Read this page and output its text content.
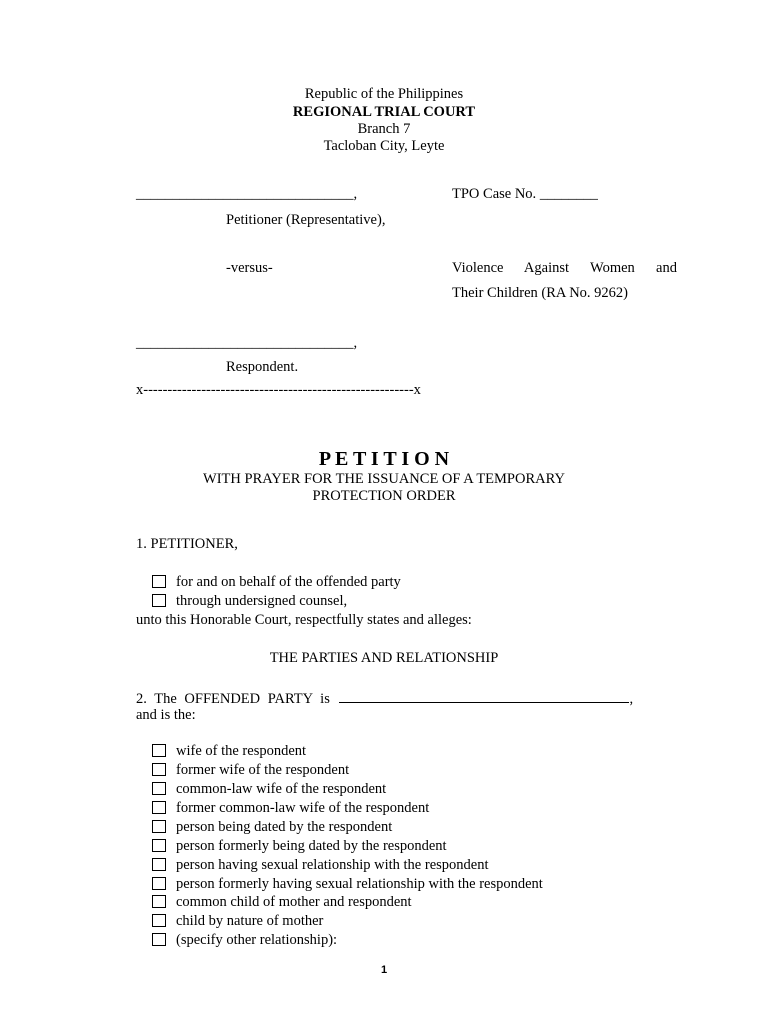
Republic of the Philippines
REGIONAL TRIAL COURT
Branch 7
Tacloban City, Leyte
______________________________,	TPO Case No. ________
Petitioner (Representative),
-versus-	Violence Against Women and
Their Children (RA No. 9262)
______________________________,
Respondent.
x--------------------------------------------------------x
P E T I T I O N
WITH PRAYER FOR THE ISSUANCE OF A TEMPORARY
PROTECTION ORDER
1. PETITIONER,
for and on behalf of the offended party
through undersigned counsel,
unto this Honorable Court, respectfully states and alleges:
THE PARTIES AND RELATIONSHIP
2. The OFFENDED PARTY is	,
and is the:
wife of the respondent
former wife of the respondent
common-law wife of the respondent
former common-law wife of the respondent
person being dated by the respondent
person formerly being dated by the respondent
person having sexual relationship with the respondent
person formerly having sexual relationship with the respondent
common child of mother and respondent
child by nature of mother
(specify other relationship):
1
